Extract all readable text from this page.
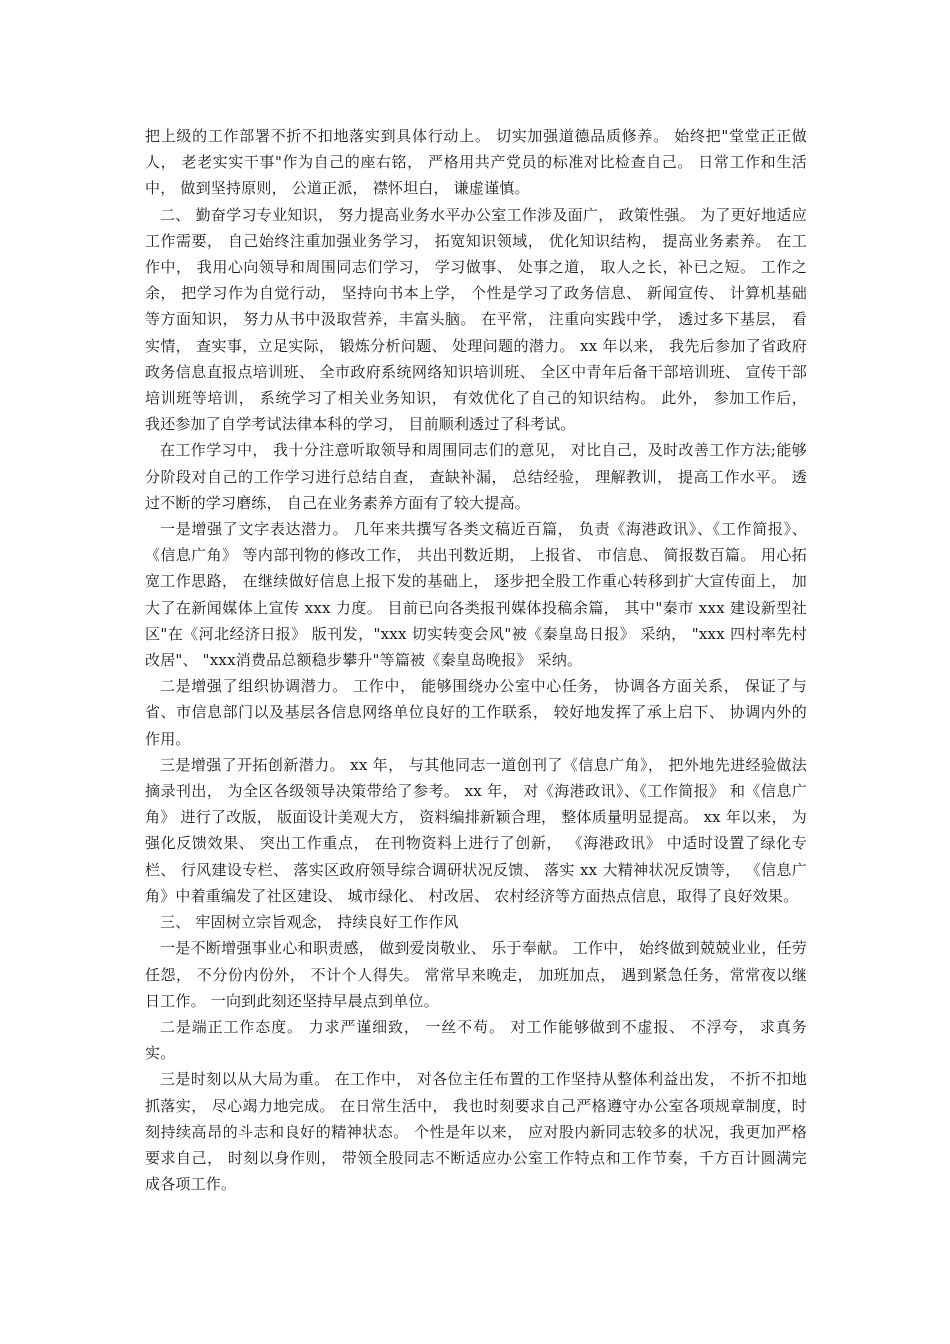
把上级的工作部署不折不扣地落实到具体行动上。 切实加强道德品质修养。 始终把"堂堂正正做人， 老老实实干事"作为自己的座右铭， 严格用共产党员的标准对比检查自己。 日常工作和生活中， 做到坚持原则， 公道正派， 襟怀坦白， 谦虚谨慎。

二、 勤奋学习专业知识， 努力提高业务水平办公室工作涉及面广， 政策性强。 为了更好地适应工作需要， 自己始终注重加强业务学习， 拓宽知识领域， 优化知识结构， 提高业务素养。 在工作中， 我用心向领导和周围同志们学习， 学习做事、 处事之道， 取人之长，补已之短。 工作之余， 把学习作为自觉行动， 坚持向书本上学， 个性是学习了政务信息、 新闻宣传、 计算机基础等方面知识， 努力从书中汲取营养，丰富头脑。 在平常， 注重向实践中学， 透过多下基层， 看实情， 查实事，立足实际， 锻炼分析问题、 处理问题的潜力。 xx 年以来， 我先后参加了省政府政务信息直报点培训班、 全市政府系统网络知识培训班、 全区中青年后备干部培训班、 宣传干部培训班等培训， 系统学习了相关业务知识， 有效优化了自己的知识结构。 此外， 参加工作后， 我还参加了自学考试法律本科的学习， 目前顺利透过了科考试。

在工作学习中， 我十分注意听取领导和周围同志们的意见， 对比自己，及时改善工作方法;能够分阶段对自己的工作学习进行总结自查， 查缺补漏， 总结经验， 理解教训， 提高工作水平。 透过不断的学习磨练， 自己在业务素养方面有了较大提高。

一是增强了文字表达潜力。 几年来共撰写各类文稿近百篇， 负责《海港政讯》、《工作简报》、《信息广角》 等内部刊物的修改工作， 共出刊数近期， 上报省、 市信息、 简报数百篇。 用心拓宽工作思路， 在继续做好信息上报下发的基础上， 逐步把全股工作重心转移到扩大宣传面上， 加大了在新闻媒体上宣传 xxx 力度。 目前已向各类报刊媒体投稿余篇， 其中"秦市 xxx 建设新型社区"在《河北经济日报》 版刊发，"xxx 切实转变会风"被《秦皇岛日报》 采纳， "xxx 四村率先村改居"、 "xxx消费品总额稳步攀升"等篇被《秦皇岛晚报》 采纳。

二是增强了组织协调潜力。 工作中， 能够围绕办公室中心任务， 协调各方面关系， 保证了与省、市信息部门以及基层各信息网络单位良好的工作联系， 较好地发挥了承上启下、 协调内外的作用。

三是增强了开拓创新潜力。 xx 年， 与其他同志一道创刊了《信息广角》， 把外地先进经验做法摘录刊出， 为全区各级领导决策带给了参考。 xx 年， 对《海港政讯》、《工作简报》 和《信息广角》 进行了改版， 版面设计美观大方， 资料编排新颖合理， 整体质量明显提高。 xx 年以来， 为强化反馈效果、 突出工作重点， 在刊物资料上进行了创新， 《海港政讯》 中适时设置了绿化专栏、 行风建设专栏、 落实区政府领导综合调研状况反馈、 落实 xx 大精神状况反馈等， 《信息广角》中着重编发了社区建设、 城市绿化、 村改居、 农村经济等方面热点信息，取得了良好效果。

三、 牢固树立宗旨观念， 持续良好工作作风

一是不断增强事业心和职责感， 做到爱岗敬业、 乐于奉献。 工作中， 始终做到兢兢业业，任劳任怨， 不分份内份外， 不计个人得失。 常常早来晚走， 加班加点， 遇到紧急任务，常常夜以继日工作。 一向到此刻还坚持早晨点到单位。

二是端正工作态度。 力求严谨细致， 一丝不苟。 对工作能够做到不虚报、 不浮夸， 求真务实。

三是时刻以从大局为重。 在工作中， 对各位主任布置的工作坚持从整体利益出发， 不折不扣地抓落实， 尽心竭力地完成。 在日常生活中， 我也时刻要求自己严格遵守办公室各项规章制度，时刻持续高昂的斗志和良好的精神状态。 个性是年以来， 应对股内新同志较多的状况，我更加严格要求自己， 时刻以身作则， 带领全股同志不断适应办公室工作特点和工作节奏，千方百计圆满完成各项工作。
